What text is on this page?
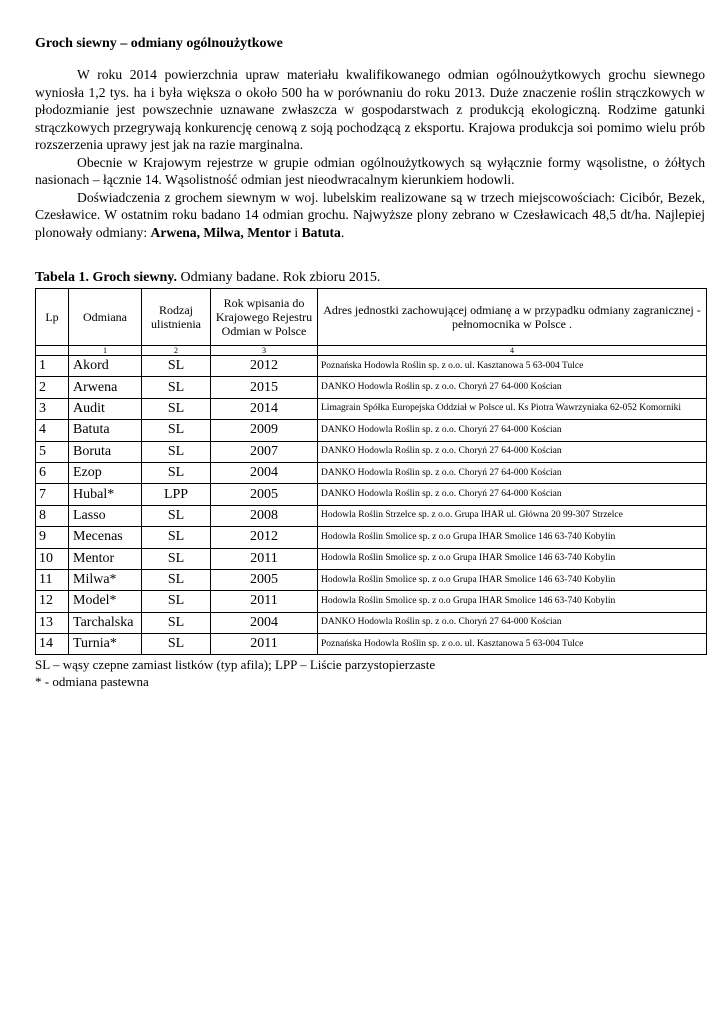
Groch siewny – odmiany ogólnoużytkowe

W roku 2014 powierzchnia upraw materiału kwalifikowanego odmian ogólnoużytkowych grochu siewnego wyniosła 1,2 tys. ha i była większa o około 500 ha w porównaniu do roku 2013. Duże znaczenie roślin strączkowych w płodozmianie jest powszechnie uznawane zwłaszcza w gospodarstwach z produkcją ekologiczną. Rodzime gatunki strączkowych przegrywają konkurencję cenową z soją pochodzącą z eksportu. Krajowa produkcja soi pomimo wielu prób rozszerzenia uprawy jest jak na razie marginalna.

Obecnie w Krajowym rejestrze w grupie odmian ogólnoużytkowych są wyłącznie formy wąsolistne, o żółtych nasionach – łącznie 14. Wąsolistność odmian jest nieodwracalnym kierunkiem hodowli.

Doświadczenia z grochem siewnym w woj. lubelskim realizowane są w trzech miejscowościach: Cicibór, Bezek, Czesławice. W ostatnim roku badano 14 odmian grochu. Najwyższe plony zebrano w Czesławicach 48,5 dt/ha. Najlepiej plonowały odmiany: Arwena, Milwa, Mentor i Batuta.

Tabela 1. Groch siewny. Odmiany badane. Rok zbioru 2015.

Lp	Odmiana	Rodzaj ulistnienia	Rok wpisania do Krajowego Rejestru Odmian w Polsce	Adres jednostki zachowującej odmianę a w przypadku odmiany zagranicznej - pełnomocnika w Polsce .
	1	2	3	4
1	Akord	SL	2012	Poznańska Hodowla Roślin sp. z o.o. ul. Kasztanowa 5 63-004 Tulce
2	Arwena	SL	2015	DANKO Hodowla Roślin sp. z o.o. Choryń 27 64-000 Kościan
3	Audit	SL	2014	Limagrain Spółka Europejska Oddział w Polsce ul. Ks Piotra Wawrzyniaka 62-052 Komorniki
4	Batuta	SL	2009	DANKO Hodowla Roślin sp. z o.o. Choryń 27 64-000 Kościan
5	Boruta	SL	2007	DANKO Hodowla Roślin sp. z o.o. Choryń 27 64-000 Kościan
6	Ezop	SL	2004	DANKO Hodowla Roślin sp. z o.o. Choryń 27 64-000 Kościan
7	Hubal*	LPP	2005	DANKO Hodowla Roślin sp. z o.o. Choryń 27 64-000 Kościan
8	Lasso	SL	2008	Hodowla Roślin Strzelce sp. z o.o. Grupa IHAR ul. Główna 20 99-307 Strzelce
9	Mecenas	SL	2012	Hodowla Roślin Smolice sp. z o.o Grupa IHAR Smolice 146 63-740 Kobylin
10	Mentor	SL	2011	Hodowla Roślin Smolice sp. z o.o Grupa IHAR Smolice 146 63-740 Kobylin
11	Milwa*	SL	2005	Hodowla Roślin Smolice sp. z o.o Grupa IHAR Smolice 146 63-740 Kobylin
12	Model*	SL	2011	Hodowla Roślin Smolice sp. z o.o Grupa IHAR Smolice 146 63-740 Kobylin
13	Tarchalska	SL	2004	DANKO Hodowla Roślin sp. z o.o. Choryń 27 64-000 Kościan
14	Turnia*	SL	2011	Poznańska Hodowla Roślin sp. z o.o. ul. Kasztanowa 5 63-004 Tulce

SL – wąsy czepne zamiast listków (typ afila); LPP – Liście parzystopierzaste

* - odmiana pastewna
